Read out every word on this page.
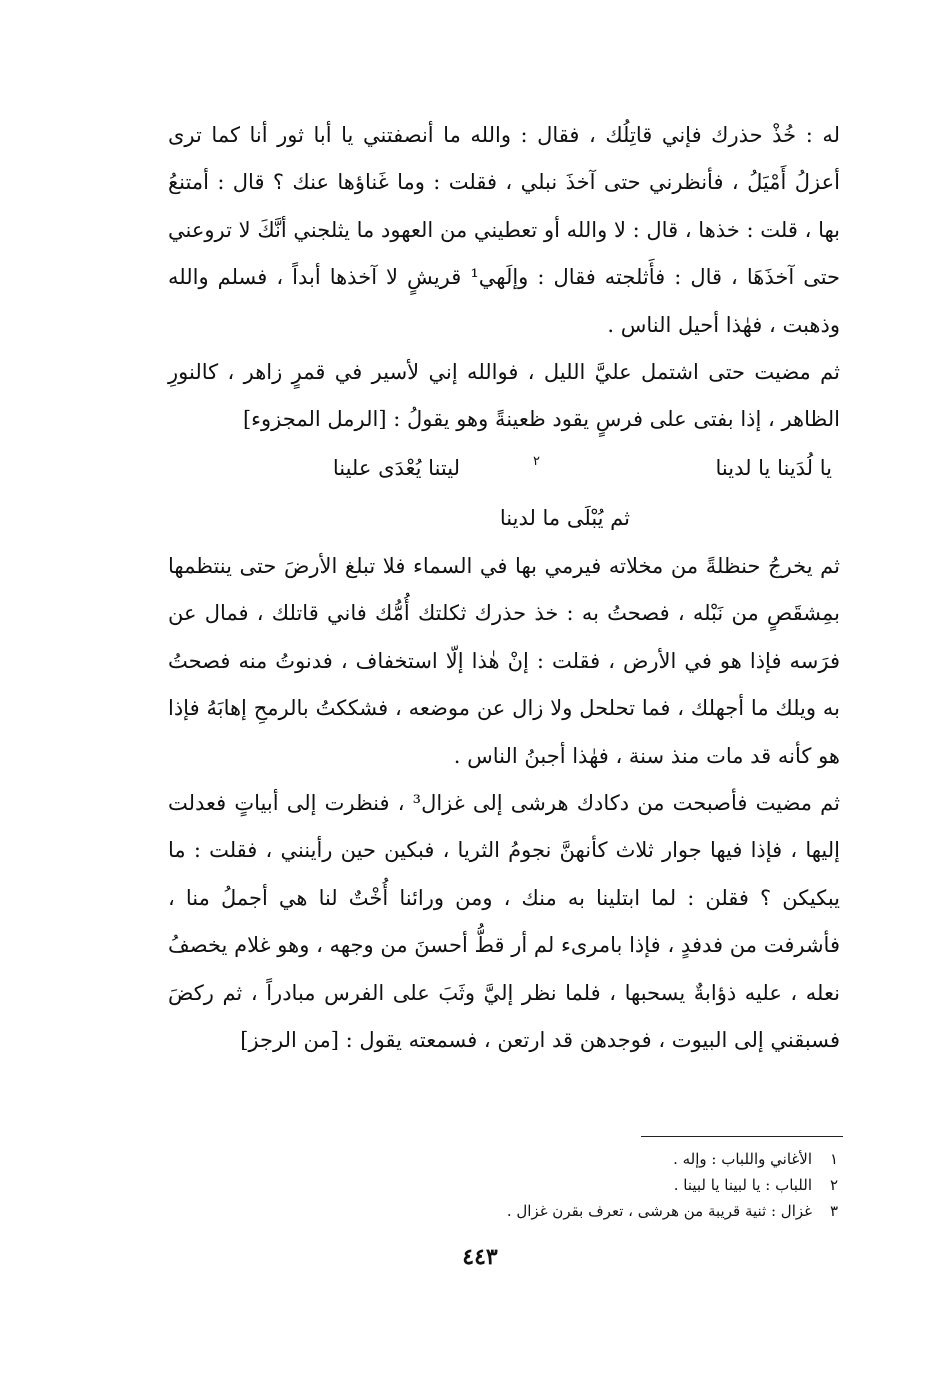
له : خُذْ حذرك فإني قاتِلُك ، فقال : والله ما أنصفتني يا أبا ثور أنا كما ترى أعزلُ أَمْيَلُ ، فأنظرني حتى آخذَ نبلي ، فقلت : وما غَناؤها عنك ؟ قال : أمتنعُ بها ، قلت : خذها ، قال : لا والله أو تعطيني من العهود ما يثلجني أنَّكَ لا تروعني حتى آخذَهَا ، قال : فأَثلجته فقال : وإلَهي¹ قريشٍ لا آخذها أبداً ، فسلم والله وذهبت ، فهٰذا أحيل الناس .

ثم مضيت حتى اشتمل عليَّ الليل ، فوالله إني لأسير في قمرٍ زاهر ، كالنورِ الظاهر ، إذا بفتى على فرسٍ يقود ظعينةً وهو يقولُ : [الرمل المجزوء]

يا لُدَينا يا لدينا
٢
ليتنا يُعْدَى علينا
ثم يُبْلَى ما لدينا

ثم يخرجُ حنظلةً من مخلاته فيرمي بها في السماء فلا تبلغ الأرضَ حتى ينتظمها بمِشقَصٍ من نَبْله ، فصحتُ به : خذ حذرك ثكلتك أُمُّك فاني قاتلك ، فمال عن فرَسه فإذا هو في الأرض ، فقلت : إنْ هٰذا إلّا استخفاف ، فدنوتُ منه فصحتُ به ويلك ما أجهلك ، فما تحلحل ولا زال عن موضعه ، فشككتُ بالرمحِ إهابَهُ فإذا هو كأنه قد مات منذ سنة ، فهٰذا أجبنُ الناس .

ثم مضيت فأصبحت من دكادك هرشى إلى غزال³ ، فنظرت إلى أبياتٍ فعدلت إليها ، فإذا فيها جوار ثلاث كأنهنَّ نجومُ الثريا ، فبكين حين رأينني ، فقلت : ما يبكيكن ؟ فقلن : لما ابتلينا به منك ، ومن ورائنا أُخْتٌ لنا هي أجملُ منا ، فأشرفت من فدفدٍ ، فإذا بامرىء لم أر قطُّ أحسنَ من وجهه ، وهو غلام يخصفُ نعله ، عليه ذؤابةٌ يسحبها ، فلما نظر إليَّ وثَبَ على الفرس مبادراً ، ثم ركضَ فسبقني إلى البيوت ، فوجدهن قد ارتعن ، فسمعته يقول : [من الرجز]

١
الأغاني واللباب : وإله .
٢
اللباب : يا لبينا يا لبينا .
٣
غزال : ثنية قريبة من هرشى ، تعرف بقرن غزال .
٤٤٣
